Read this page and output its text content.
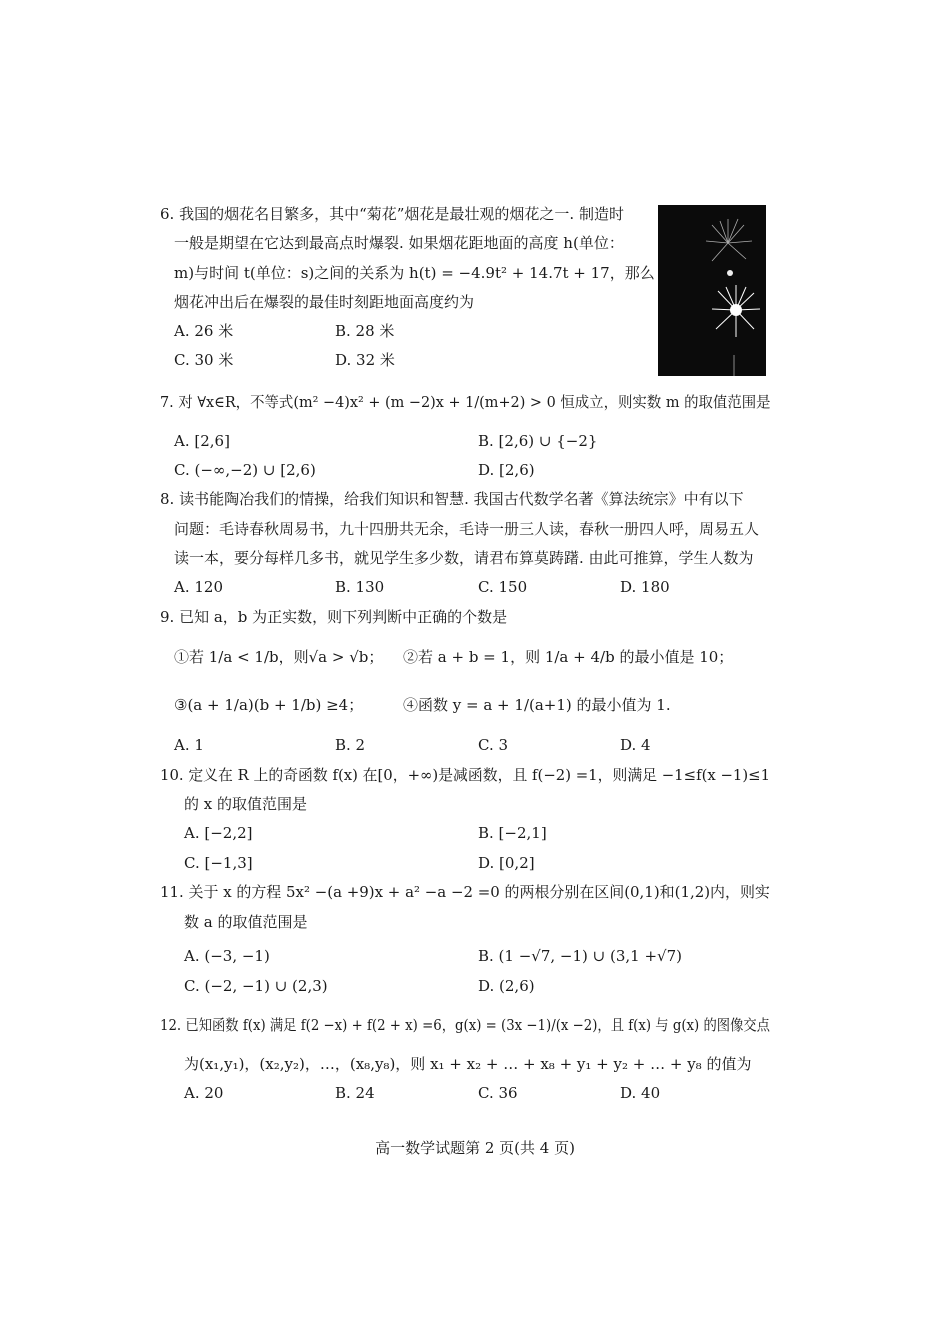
6. 我国的烟花名目繁多，其中“菊花”烟花是最壮观的烟花之一. 制造时
一般是期望在它达到最高点时爆裂. 如果烟花距地面的高度 h(单位：
m)与时间 t(单位：s)之间的关系为 h(t) = −4.9t² + 14.7t + 17，那么
烟花冲出后在爆裂的最佳时刻距地面高度约为
A. 26 米	B. 28 米
C. 30 米	D. 32 米
7. 对 ∀x∈R，不等式(m² −4)x² + (m −2)x + 1/(m+2) > 0 恒成立，则实数 m 的取值范围是
A. [2,6]	B. [2,6) ∪ {−2}
C. (−∞,−2) ∪ [2,6)	D. [2,6)
8. 读书能陶冶我们的情操，给我们知识和智慧. 我国古代数学名著《算法统宗》中有以下
问题：毛诗春秋周易书，九十四册共无余，毛诗一册三人读，春秋一册四人呼，周易五人
读一本，要分每样几多书，就见学生多少数，请君布算莫踌躇. 由此可推算，学生人数为
A. 120	B. 130	C. 150	D. 180
9. 已知 a，b 为正实数，则下列判断中正确的个数是
①若 1/a < 1/b，则√a > √b； ②若 a + b = 1，则 1/a + 4/b 的最小值是 10；
③(a + 1/a)(b + 1/b) ≥4；	④函数 y = a + 1/(a+1) 的最小值为 1.
A. 1	B. 2	C. 3	D. 4
10. 定义在 R 上的奇函数 f(x) 在[0，+∞)是减函数，且 f(−2) =1，则满足 −1≤f(x −1)≤1
的 x 的取值范围是
A. [−2,2]	B. [−2,1]
C. [−1,3]	D. [0,2]
11. 关于 x 的方程 5x² −(a +9)x + a² −a −2 =0 的两根分别在区间(0,1)和(1,2)内，则实
数 a 的取值范围是
A. (−3, −1)	B. (1 −√7, −1) ∪ (3,1 +√7)
C. (−2, −1) ∪ (2,3)	D. (2,6)
12. 已知函数 f(x) 满足 f(2 −x) + f(2 + x) =6，g(x) = (3x −1)/(x −2)，且 f(x) 与 g(x) 的图像交点
为(x₁,y₁)，(x₂,y₂)，…，(x₈,y₈)，则 x₁ + x₂ + … + x₈ + y₁ + y₂ + … + y₈ 的值为
A. 20	B. 24	C. 36	D. 40
高一数学试题第 2 页(共 4 页)
